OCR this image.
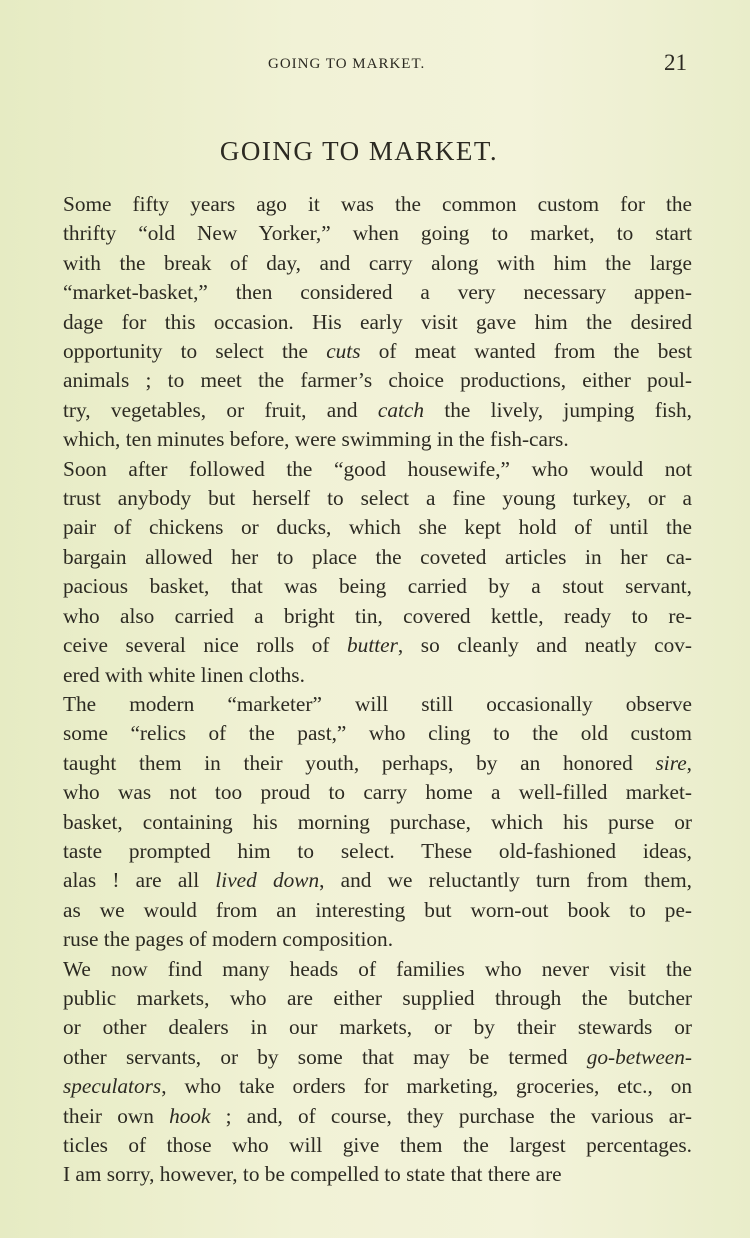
GOING TO MARKET.	21
GOING TO MARKET.

Some fifty years ago it was the common custom for the
thrifty “old New Yorker,” when going to market, to start
with the break of day, and carry along with him the large
“market-basket,” then considered a very necessary appen-
dage for this occasion. His early visit gave him the desired
opportunity to select the cuts of meat wanted from the best
animals ; to meet the farmer’s choice productions, either poul-
try, vegetables, or fruit, and catch the lively, jumping fish,
which, ten minutes before, were swimming in the fish-cars.

Soon after followed the “good housewife,” who would not
trust anybody but herself to select a fine young turkey, or a
pair of chickens or ducks, which she kept hold of until the
bargain allowed her to place the coveted articles in her ca-
pacious basket, that was being carried by a stout servant,
who also carried a bright tin, covered kettle, ready to re-
ceive several nice rolls of butter, so cleanly and neatly cov-
ered with white linen cloths.

The modern “marketer” will still occasionally observe
some “relics of the past,” who cling to the old custom
taught them in their youth, perhaps, by an honored sire,
who was not too proud to carry home a well-filled market-
basket, containing his morning purchase, which his purse or
taste prompted him to select. These old-fashioned ideas,
alas ! are all lived down, and we reluctantly turn from them,
as we would from an interesting but worn-out book to pe-
ruse the pages of modern composition.

We now find many heads of families who never visit the
public markets, who are either supplied through the butcher
or other dealers in our markets, or by their stewards or
other servants, or by some that may be termed go-between-
speculators, who take orders for marketing, groceries, etc., on
their own hook ; and, of course, they purchase the various ar-
ticles of those who will give them the largest percentages.
I am sorry, however, to be compelled to state that there are
